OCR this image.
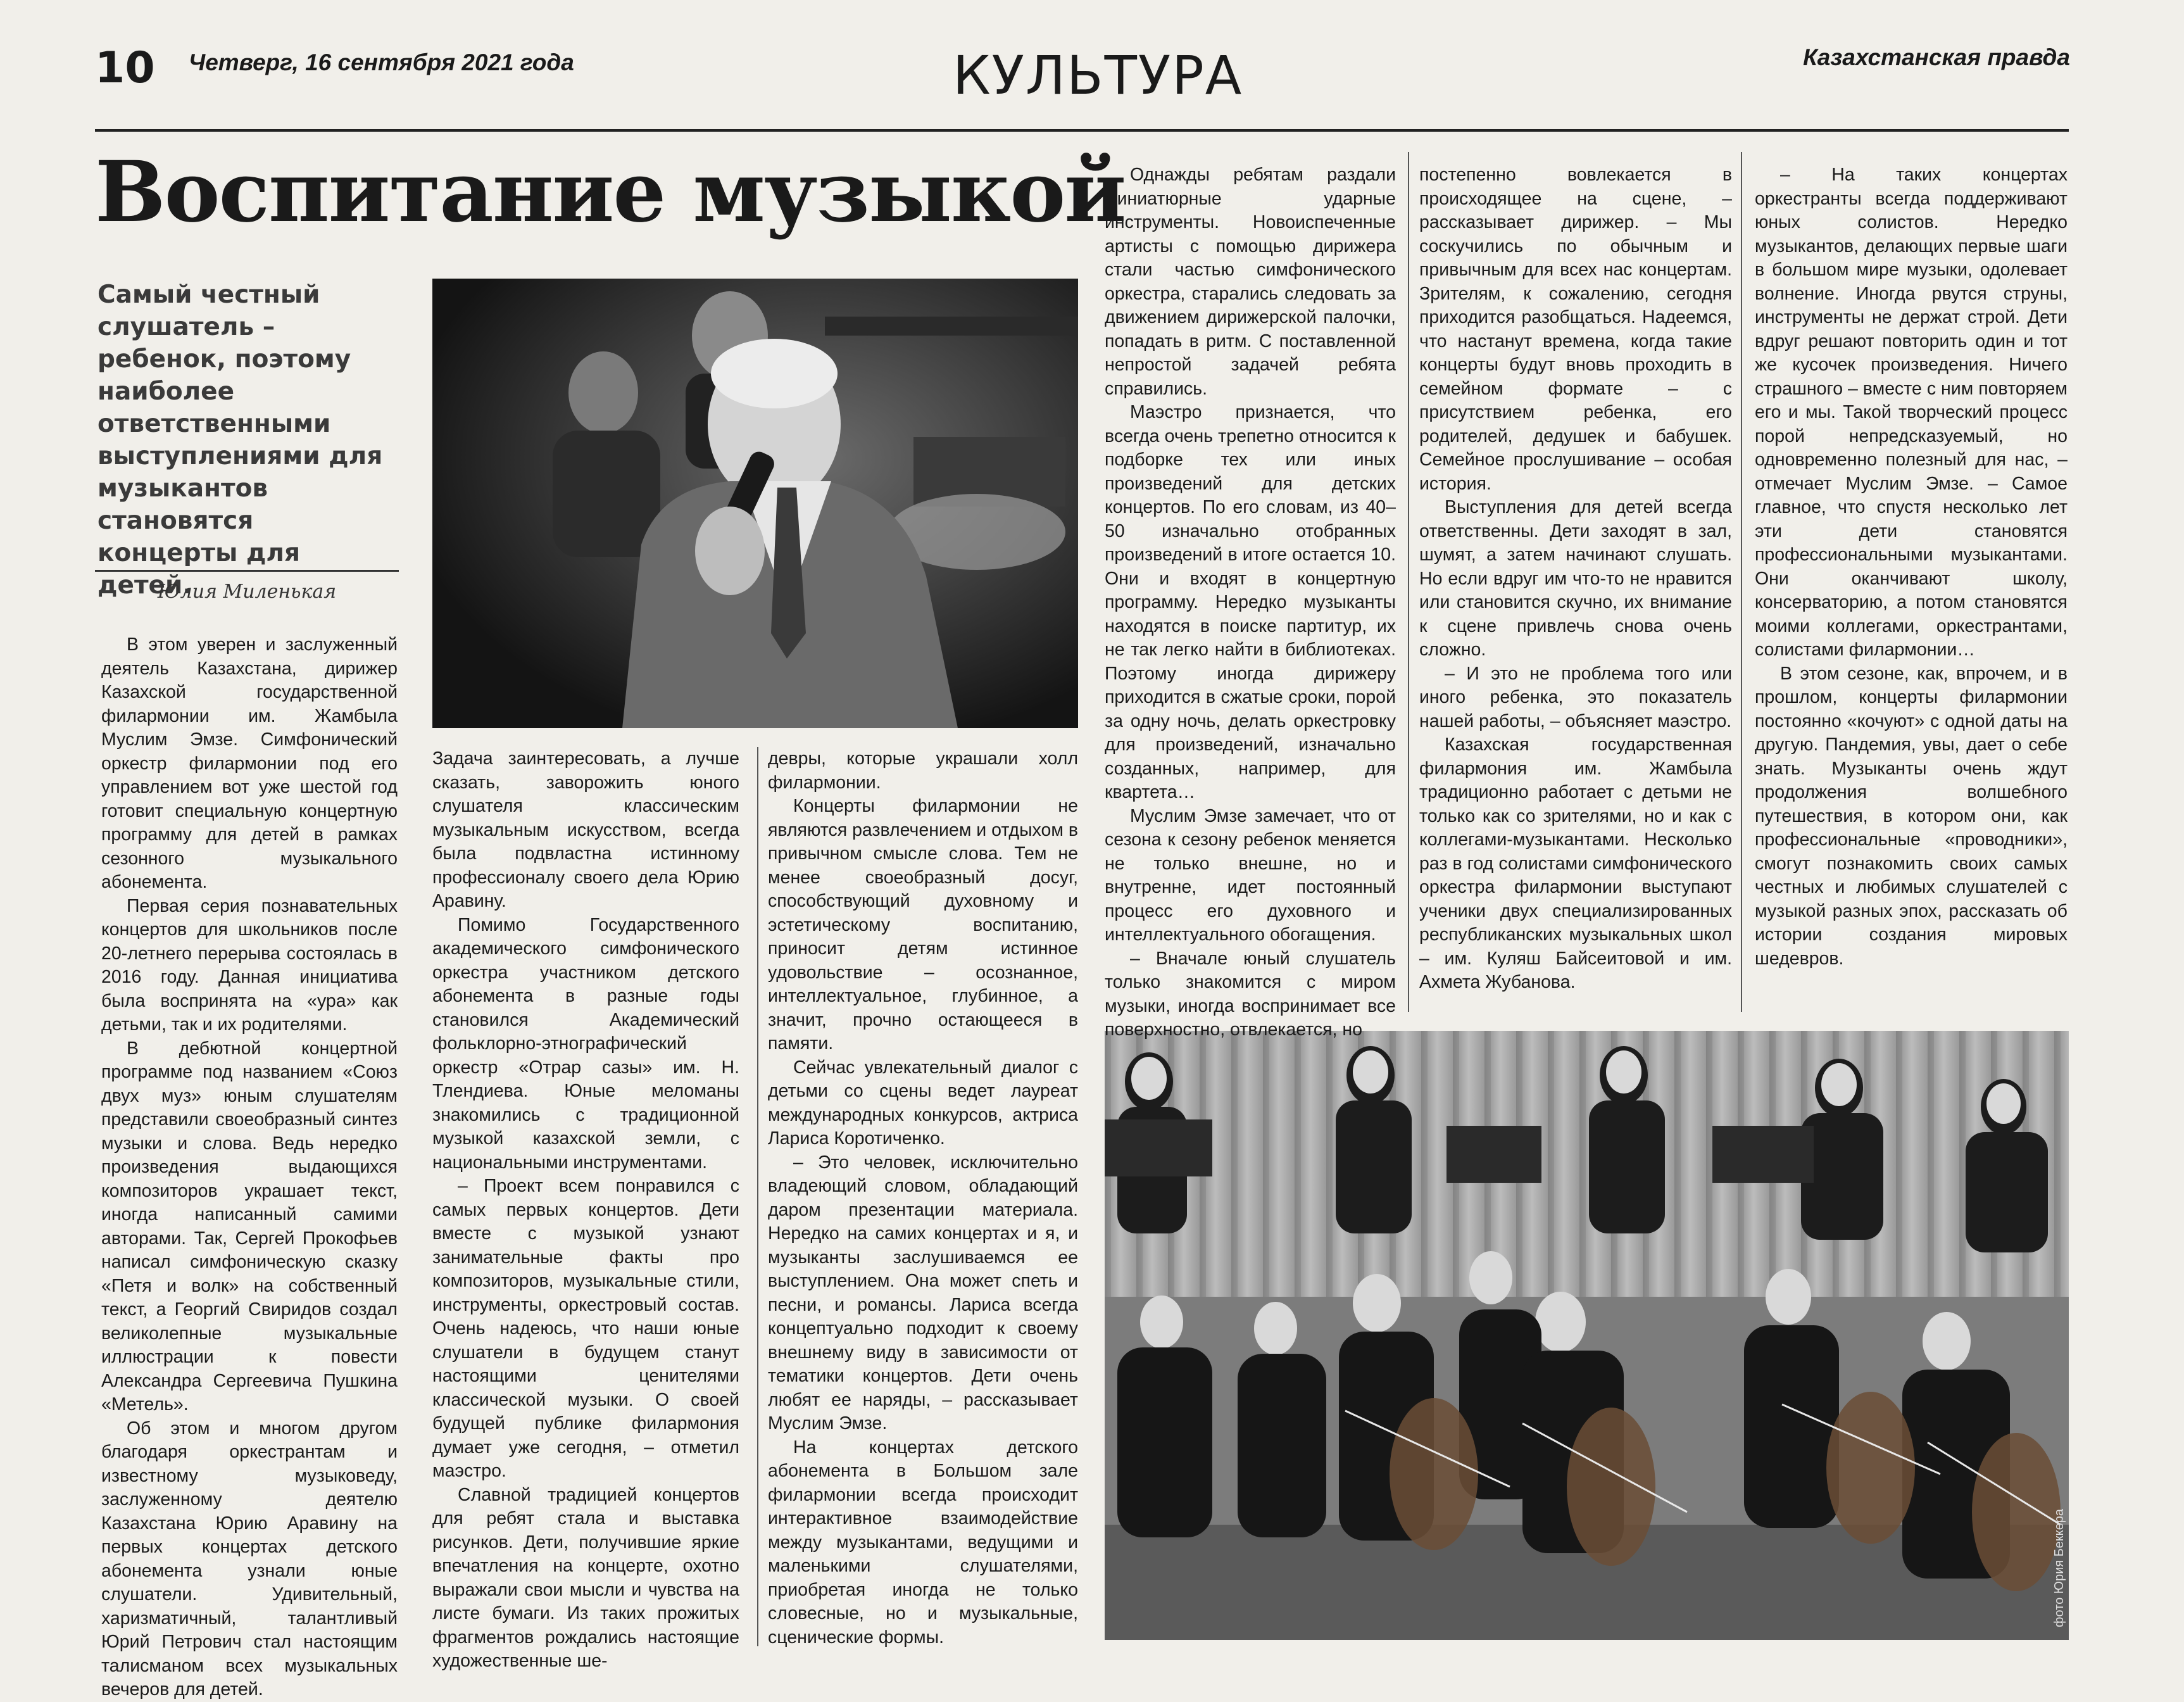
10 Четверг, 16 сентября 2021 года	КУЛЬТУРА	Казахстанская правда
Воспитание музыкой
Самый честный слушатель – ребенок, поэтому наиболее ответственными выступлениями для музыкантов становятся концерты для детей.
Юлия Миленькая
фото Юрия Беккера

В этом уверен и заслуженный деятель Казахстана, дирижер Казахской государственной филармонии им. Жамбыла Муслим Эмзе. Симфонический оркестр филармонии под его управлением вот уже шестой год готовит специальную концертную программу для детей в рамках сезонного музыкального абонемента.

Первая серия познавательных концертов для школьников после 20-летнего перерыва состоялась в 2016 году. Данная инициатива была воспринята на «ура» как детьми, так и их родителями.

В дебютной концертной программе под названием «Союз двух муз» юным слушателям представили своеобразный синтез музыки и слова. Ведь нередко произведения выдающихся композиторов украшает текст, иногда написанный самими авторами. Так, Сергей Прокофьев написал симфоническую сказку «Петя и волк» на собственный текст, а Георгий Свиридов создал великолепные музыкальные иллюстрации к повести Александра Сергеевича Пушкина «Метель».

Об этом и многом другом благодаря оркестрантам и известному музыковеду, заслуженному деятелю Казахстана Юрию Аравину на первых концертах детского абонемента узнали юные слушатели. Удивительный, харизматичный, талантливый Юрий Петрович стал настоящим талисманом всех музыкальных вечеров для детей.

Задача заинтересовать, а лучше сказать, заворожить юного слушателя классическим музыкальным искусством, всегда была подвластна истинному профессионалу своего дела Юрию Аравину.

Помимо Государственного академического симфонического оркестра участником детского абонемента в разные годы становился Академический фольклорно-этнографический оркестр «Отрар сазы» им. Н. Тлендиева. Юные меломаны знакомились с традиционной музыкой казахской земли, с национальными инструментами.

– Проект всем понравился с самых первых концертов. Дети вместе с музыкой узнают занимательные факты про композиторов, музыкальные стили, инструменты, оркестровый состав. Очень надеюсь, что наши юные слушатели в будущем станут настоящими ценителями классической музыки. О своей будущей публике филармония думает уже сегодня, – отметил маэстро.

Славной традицией концертов для ребят стала и выставка рисунков. Дети, получившие яркие впечатления на концерте, охотно выражали свои мысли и чувства на листе бумаги. Из таких прожитых фрагментов рождались настоящие художественные ше-

девры, которые украшали холл филармонии.

Концерты филармонии не являются развлечением и отдыхом в привычном смысле слова. Тем не менее своеобразный досуг, способствующий духовному и эстетическому воспитанию, приносит детям истинное удовольствие – осознанное, интеллектуальное, глубинное, а значит, прочно остающееся в памяти.

Сейчас увлекательный диалог с детьми со сцены ведет лауреат международных конкурсов, актриса Лариса Коротиченко.

– Это человек, исключительно владеющий словом, обладающий даром презентации материала. Нередко на самих концертах и я, и музыканты заслушиваемся ее выступлением. Она может спеть и песни, и романсы. Лариса всегда концептуально подходит к своему внешнему виду в зависимости от тематики концертов. Дети очень любят ее наряды, – рассказывает Муслим Эмзе.

На концертах детского абонемента в Большом зале филармонии всегда происходит интерактивное взаимодействие между музыкантами, ведущими и маленькими слушателями, приобретая иногда не только словесные, но и музыкальные, сценические формы.

Однажды ребятам раздали миниатюрные ударные инструменты. Новоиспеченные артисты с помощью дирижера стали частью симфонического оркестра, старались следовать за движением дирижерской палочки, попадать в ритм. С поставленной непростой задачей ребята справились.

Маэстро признается, что всегда очень трепетно относится к подборке тех или иных произведений для детских концертов. По его словам, из 40–50 изначально отобранных произведений в итоге остается 10. Они и входят в концертную программу. Нередко музыканты находятся в поиске партитур, их не так легко найти в библиотеках. Поэтому иногда дирижеру приходится в сжатые сроки, порой за одну ночь, делать оркестровку для произведений, изначально созданных, например, для квартета…

Муслим Эмзе замечает, что от сезона к сезону ребенок меняется не только внешне, но и внутренне, идет постоянный процесс его духовного и интеллектуального обогащения.

– Вначале юный слушатель только знакомится с миром музыки, иногда воспринимает все поверхностно, отвлекается, но

постепенно вовлекается в происходящее на сцене, – рассказывает дирижер. – Мы соскучились по обычным и привычным для всех нас концертам. Зрителям, к сожалению, сегодня приходится разобщаться. Надеемся, что настанут времена, когда такие концерты будут вновь проходить в семейном формате – с присутствием ребенка, его родителей, дедушек и бабушек. Семейное прослушивание – особая история.

Выступления для детей всегда ответственны. Дети заходят в зал, шумят, а затем начинают слушать. Но если вдруг им что-то не нравится или становится скучно, их внимание к сцене привлечь снова очень сложно.

– И это не проблема того или иного ребенка, это показатель нашей работы, – объясняет маэстро.

Казахская государственная филармония им. Жамбыла традиционно работает с детьми не только как со зрителями, но и как с коллегами-музыкантами. Несколько раз в год солистами симфонического оркестра филармонии выступают ученики двух специализированных республиканских музыкальных школ – им. Куляш Байсеитовой и им. Ахмета Жубанова.

– На таких концертах оркестранты всегда поддерживают юных солистов. Нередко музыкантов, делающих первые шаги в большом мире музыки, одолевает волнение. Иногда рвутся струны, инструменты не держат строй. Дети вдруг решают повторить один и тот же кусочек произведения. Ничего страшного – вместе с ним повторяем его и мы. Такой творческий процесс порой непредсказуемый, но одновременно полезный для нас, – отмечает Муслим Эмзе. – Самое главное, что спустя несколько лет эти дети становятся профессиональными музыкантами. Они оканчивают школу, консерваторию, а потом становятся моими коллегами, оркестрантами, солистами филармонии…

В этом сезоне, как, впрочем, и в прошлом, концерты филармонии постоянно «кочуют» с одной даты на другую. Пандемия, увы, дает о себе знать. Музыканты очень ждут продолжения волшебного путешествия, в котором они, как профессиональные «проводники», смогут познакомить своих самых честных и любимых слушателей с музыкой разных эпох, рассказать об истории создания мировых шедевров.
